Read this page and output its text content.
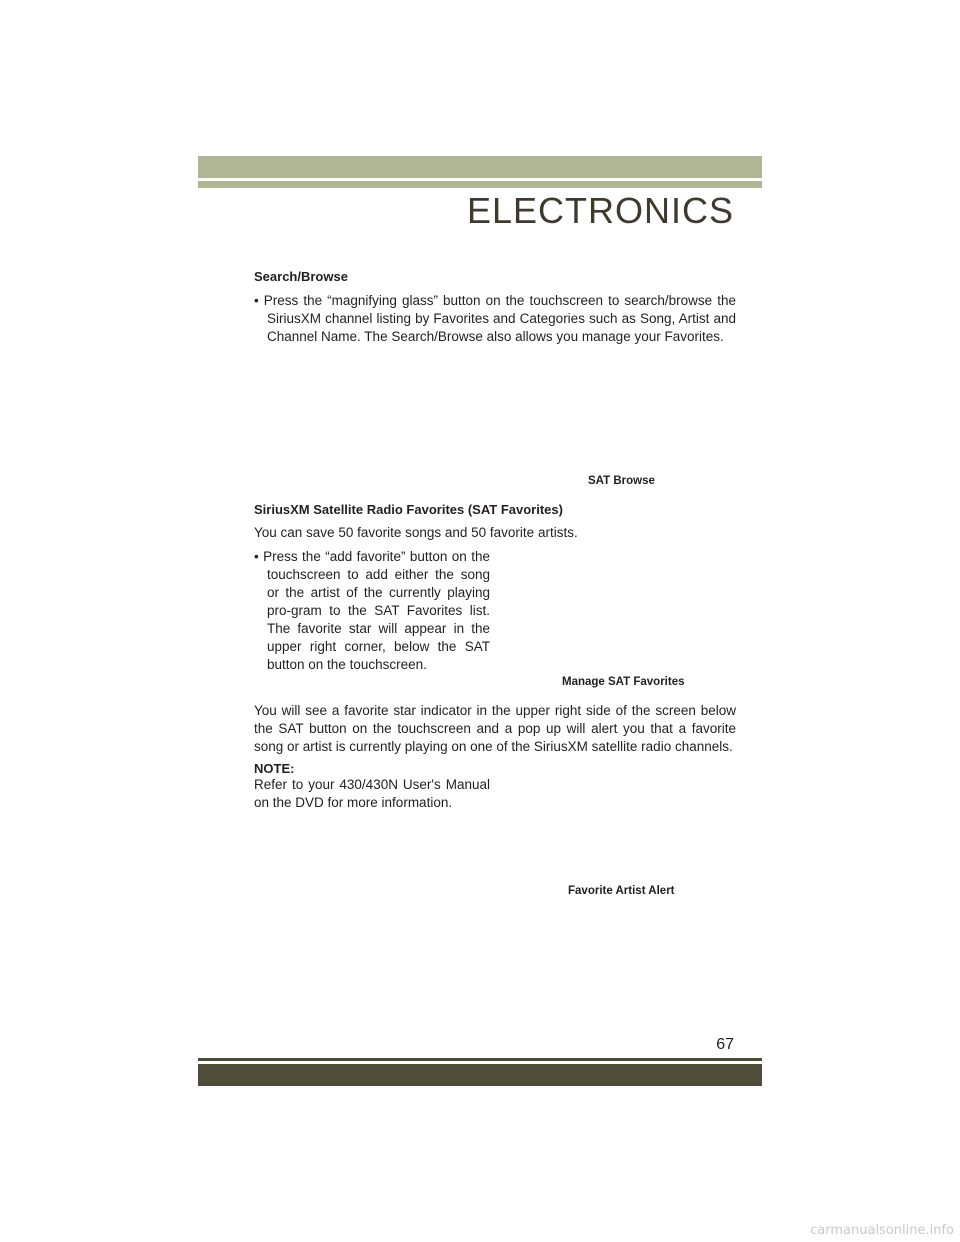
ELECTRONICS
Search/Browse
• Press the “magnifying glass” button on the touchscreen to search/browse the SiriusXM channel listing by Favorites and Categories such as Song, Artist and Channel Name. The Search/Browse also allows you manage your Favorites.
SAT Browse
SiriusXM Satellite Radio Favorites (SAT Favorites)
You can save 50 favorite songs and 50 favorite artists.
• Press the “add favorite” button on the touchscreen to add either the song or the artist of the currently playing pro-gram to the SAT Favorites list. The favorite star will appear in the upper right corner, below the SAT button on the touchscreen.
Manage SAT Favorites
You will see a favorite star indicator in the upper right side of the screen below the SAT button on the touchscreen and a pop up will alert you that a favorite song or artist is currently playing on one of the SiriusXM satellite radio channels.
NOTE:
Refer to your 430/430N User's Manual on the DVD for more information.
Favorite Artist Alert
67
carmanualsonline.info
